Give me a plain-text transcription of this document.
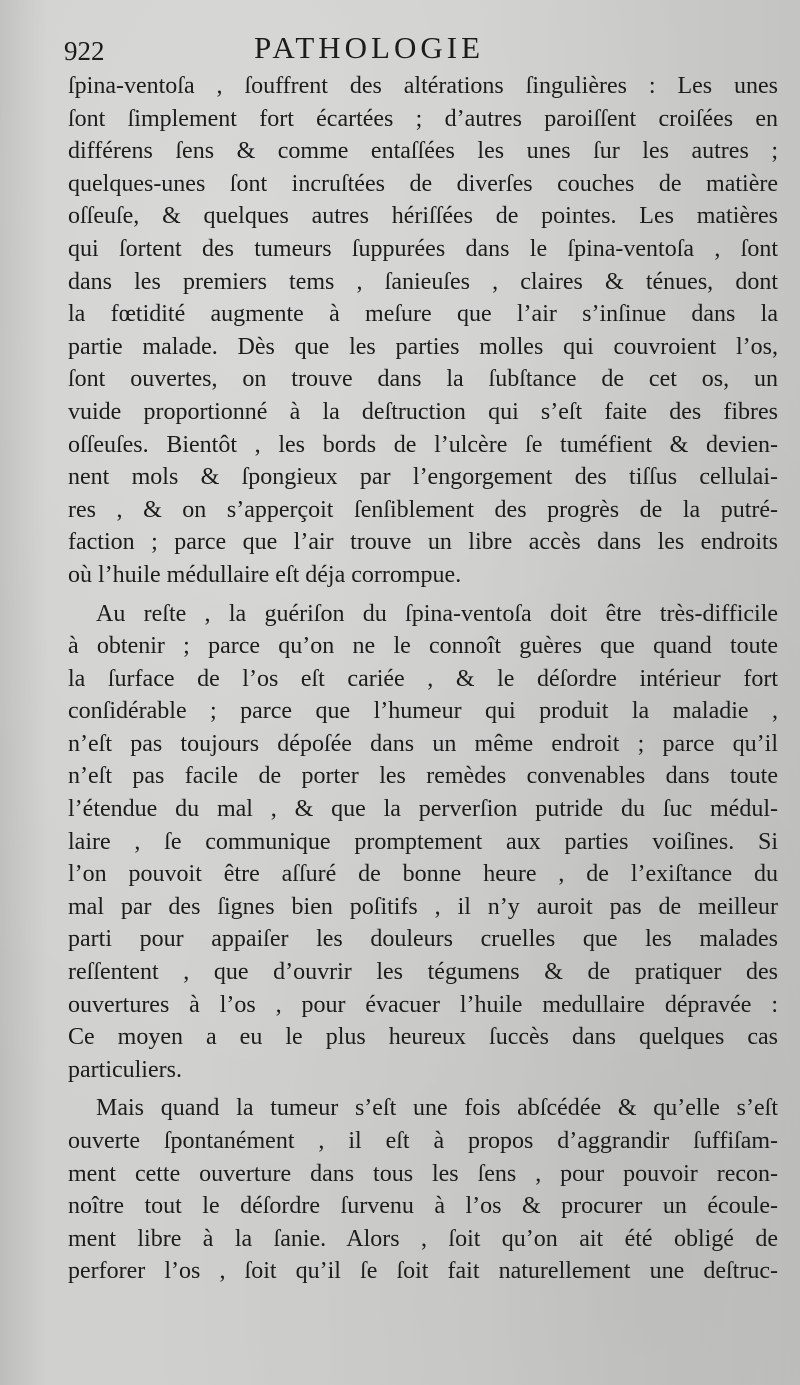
922	PATHOLOGIE
ſpina-ventoſa , ſouffrent des altérations ſingulières : Les unes
ſont ſimplement fort écartées ; d’autres paroiſſent croiſées en
différens ſens & comme entaſſées les unes ſur les autres ;
quelques-unes ſont incruſtées de diverſes couches de matière
oſſeuſe, & quelques autres hériſſées de pointes. Les matières
qui ſortent des tumeurs ſuppurées dans le ſpina-ventoſa , ſont
dans les premiers tems , ſanieuſes , claires & ténues, dont
la fœtidité augmente à meſure que l’air s’inſinue dans la
partie malade. Dès que les parties molles qui couvroient l’os,
ſont ouvertes, on trouve dans la ſubſtance de cet os, un
vuide proportionné à la deſtruction qui s’eſt faite des fibres
oſſeuſes. Bientôt , les bords de l’ulcère ſe tuméfient & devien-
nent mols & ſpongieux par l’engorgement des tiſſus cellulai-
res , & on s’apperçoit ſenſiblement des progrès de la putré-
faction ; parce que l’air trouve un libre accès dans les endroits
où l’huile médullaire eſt déja corrompue.
Au reſte , la guériſon du ſpina-ventoſa doit être très-difficile
à obtenir ; parce qu’on ne le connoît guères que quand toute
la ſurface de l’os eſt cariée , & le déſordre intérieur fort
conſidérable ; parce que l’humeur qui produit la maladie ,
n’eſt pas toujours dépoſée dans un même endroit ; parce qu’il
n’eſt pas facile de porter les remèdes convenables dans toute
l’étendue du mal , & que la perverſion putride du ſuc médul-
laire , ſe communique promptement aux parties voiſines. Si
l’on pouvoit être aſſuré de bonne heure , de l’exiſtance du
mal par des ſignes bien poſitifs , il n’y auroit pas de meilleur
parti pour appaiſer les douleurs cruelles que les malades
reſſentent , que d’ouvrir les tégumens & de pratiquer des
ouvertures à l’os , pour évacuer l’huile medullaire dépravée :
Ce moyen a eu le plus heureux ſuccès dans quelques cas
particuliers.
Mais quand la tumeur s’eſt une fois abſcédée & qu’elle s’eſt
ouverte ſpontanément , il eſt à propos d’aggrandir ſuffiſam-
ment cette ouverture dans tous les ſens , pour pouvoir recon-
noître tout le déſordre ſurvenu à l’os & procurer un écoule-
ment libre à la ſanie. Alors , ſoit qu’on ait été obligé de
perforer l’os , ſoit qu’il ſe ſoit fait naturellement une deſtruc-
